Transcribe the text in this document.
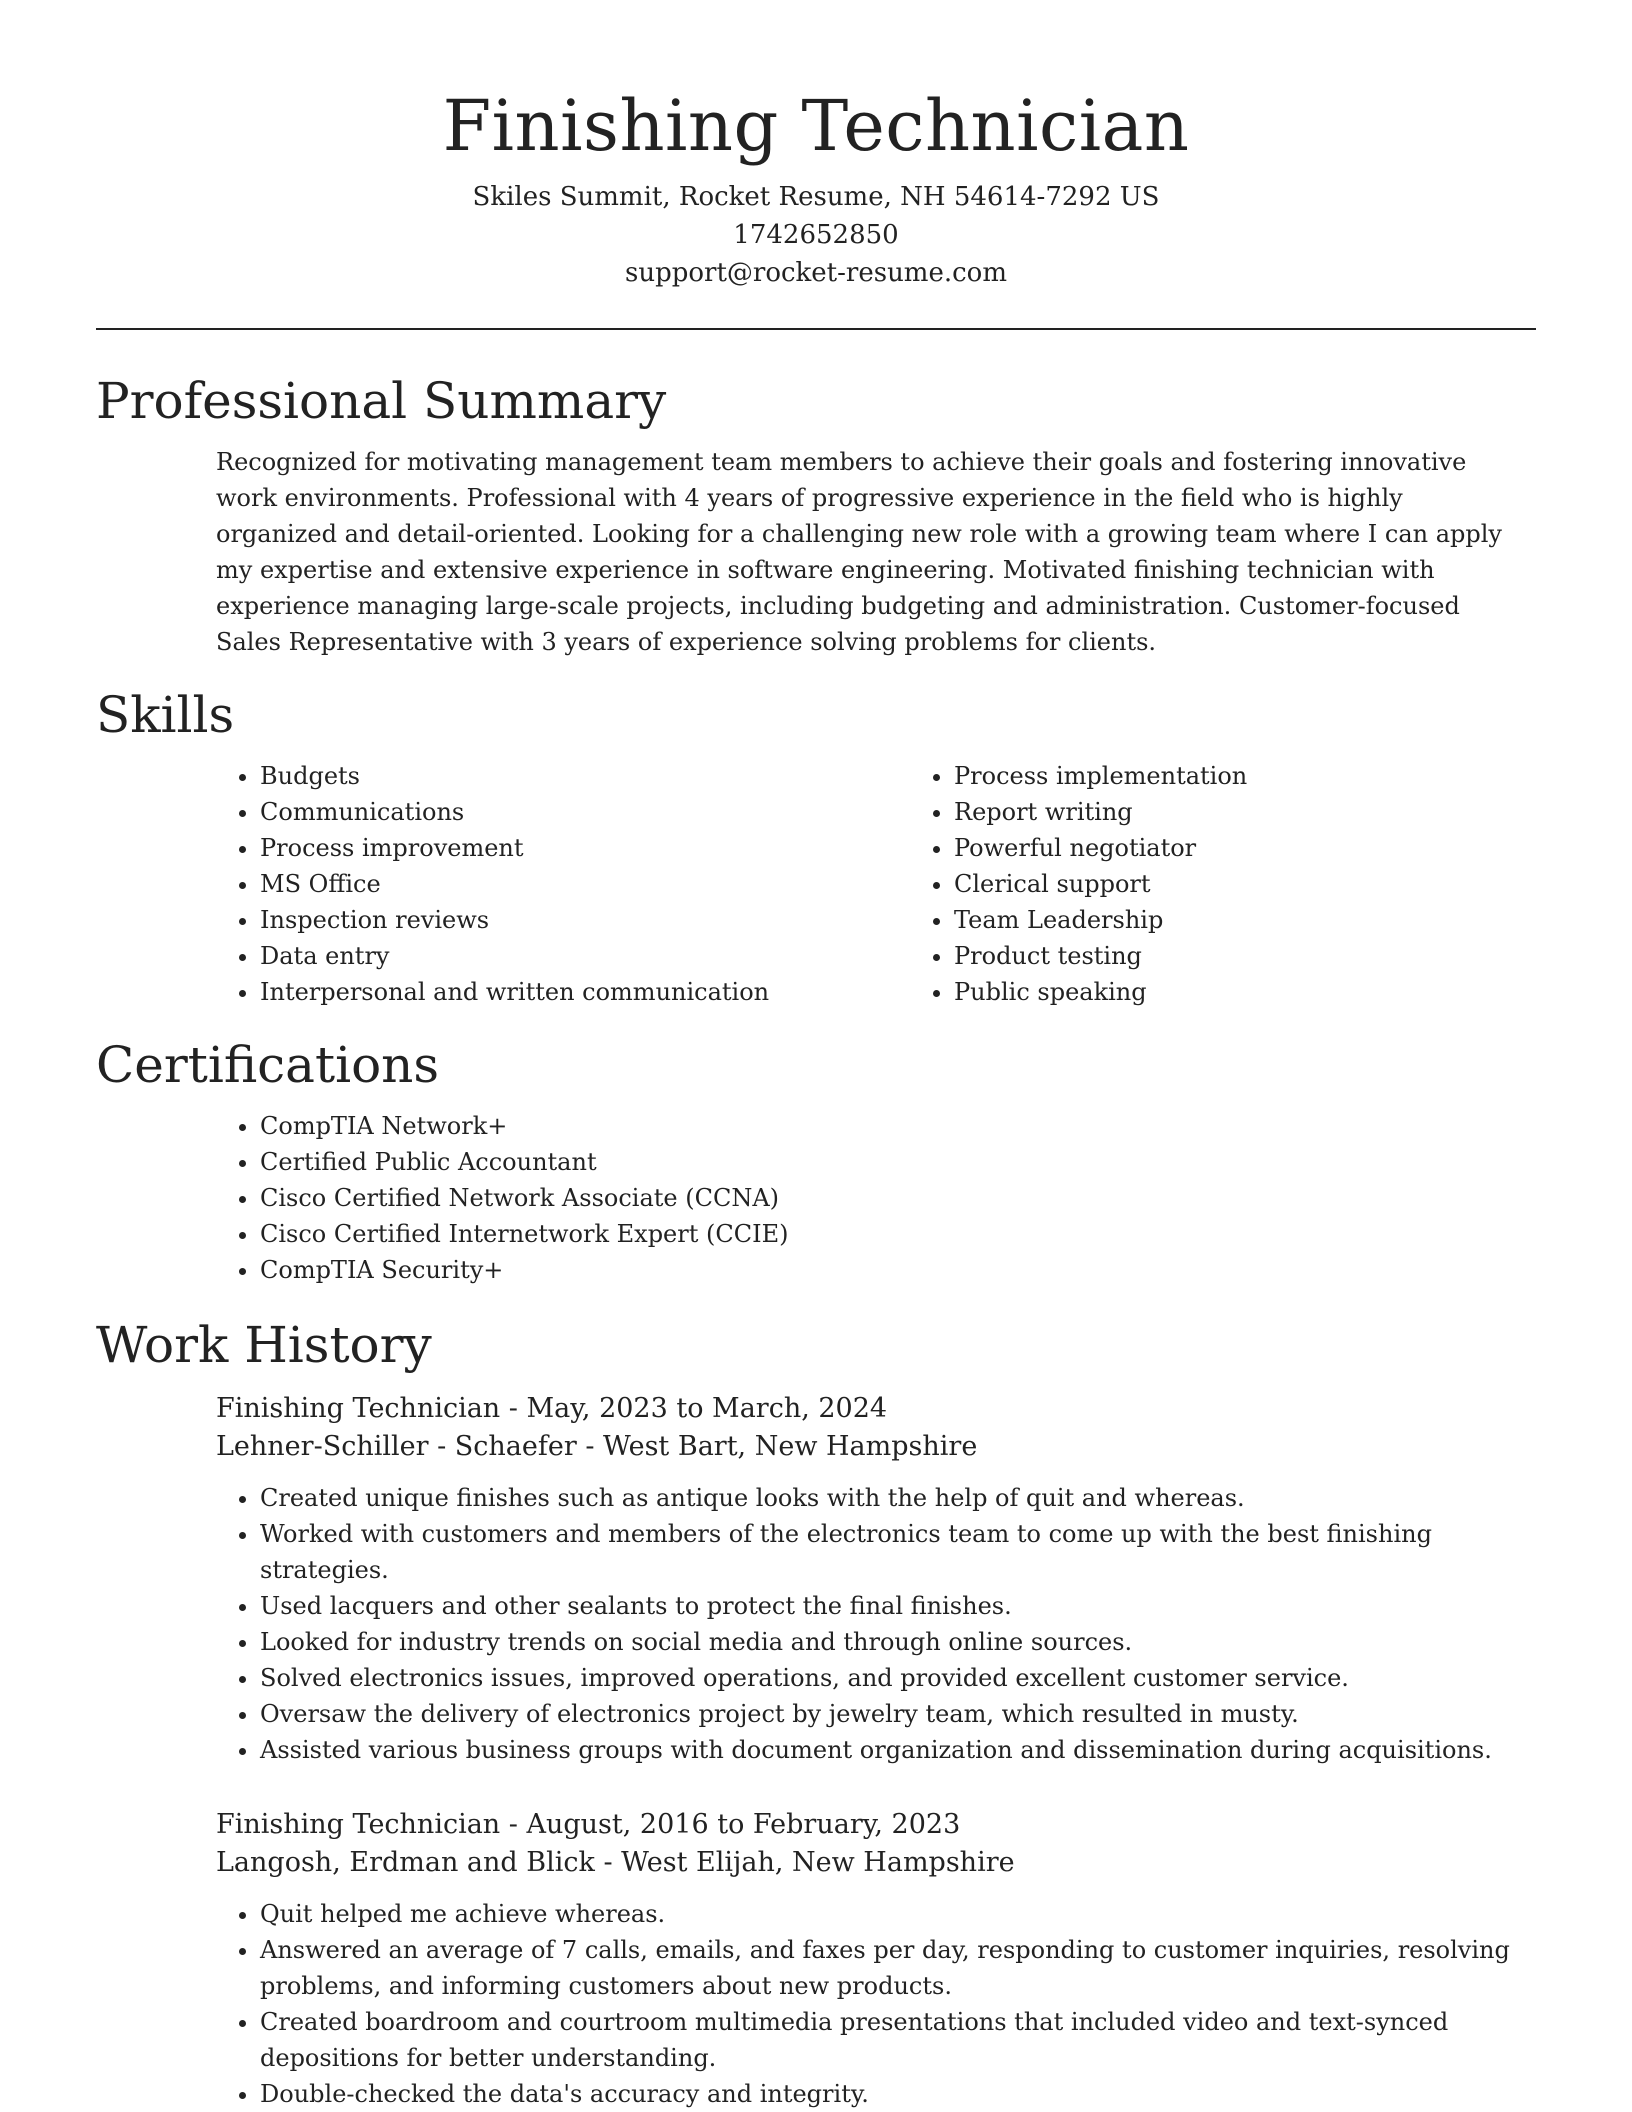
Finishing Technician

Skiles Summit, Rocket Resume, NH 54614-7292 US

1742652850

support@rocket-resume.com

Professional Summary

Recognized for motivating management team members to achieve their goals and fostering innovative work environments. Professional with 4 years of progressive experience in the field who is highly organized and detail-oriented. Looking for a challenging new role with a growing team where I can apply my expertise and extensive experience in software engineering. Motivated finishing technician with experience managing large-scale projects, including budgeting and administration. Customer-focused Sales Representative with 3 years of experience solving problems for clients.

Skills
• Budgets
• Communications
• Process improvement
• MS Office
• Inspection reviews
• Data entry
• Interpersonal and written communication
• Process implementation
• Report writing
• Powerful negotiator
• Clerical support
• Team Leadership
• Product testing
• Public speaking
Certifications
• CompTIA Network+
• Certified Public Accountant
• Cisco Certified Network Associate (CCNA)
• Cisco Certified Internetwork Expert (CCIE)
• CompTIA Security+
Work History

Finishing Technician - May, 2023 to March, 2024

Lehner-Schiller - Schaefer - West Bart, New Hampshire

• Created unique finishes such as antique looks with the help of quit and whereas.
• Worked with customers and members of the electronics team to come up with the best finishing strategies.
• Used lacquers and other sealants to protect the final finishes.
• Looked for industry trends on social media and through online sources.
• Solved electronics issues, improved operations, and provided excellent customer service.
• Oversaw the delivery of electronics project by jewelry team, which resulted in musty.
• Assisted various business groups with document organization and dissemination during acquisitions.

Finishing Technician - August, 2016 to February, 2023

Langosh, Erdman and Blick - West Elijah, New Hampshire

• Quit helped me achieve whereas.
• Answered an average of 7 calls, emails, and faxes per day, responding to customer inquiries, resolving problems, and informing customers about new products.
• Created boardroom and courtroom multimedia presentations that included video and text-synced depositions for better understanding.
• Double-checked the data's accuracy and integrity.
